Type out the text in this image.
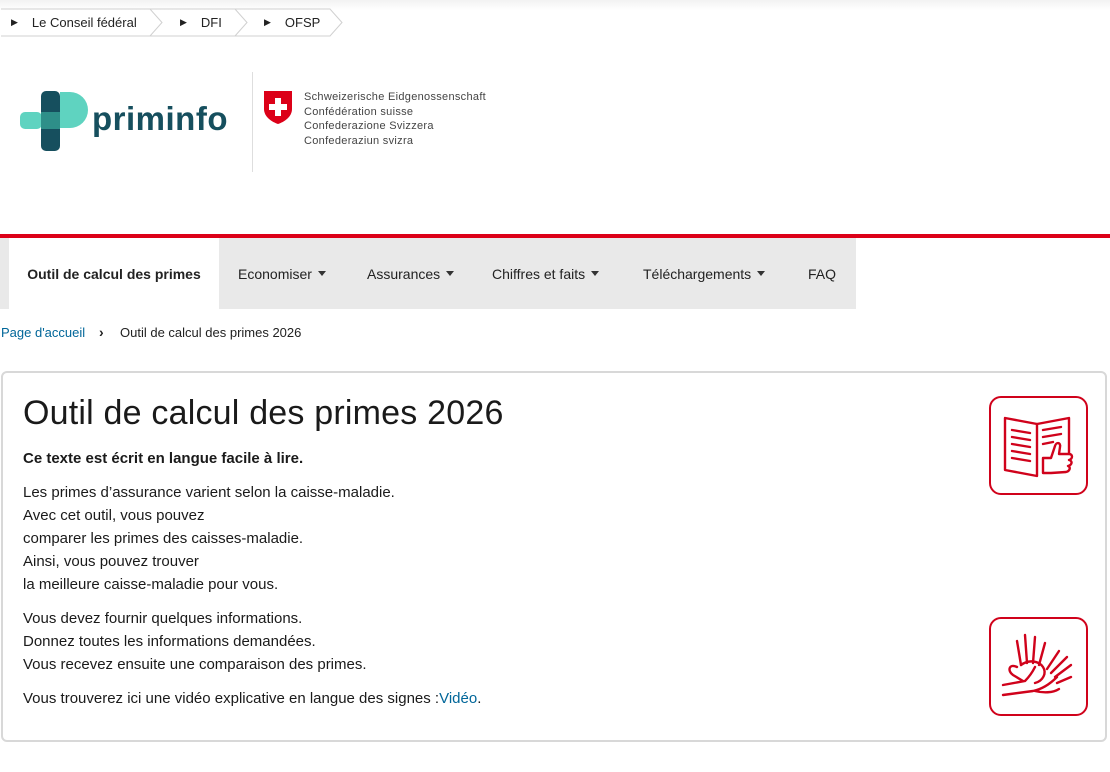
▶ Le Conseil fédéral	▶ DFI	▶ OFSP
priminfo
Schweizerische Eidgenossenschaft
Confédération suisse
Confederazione Svizzera
Confederaziun svizra
Outil de calcul des primes	Economiser	Assurances	Chiffres et faits	Téléchargements	FAQ
Page d'accueil › Outil de calcul des primes 2026
Outil de calcul des primes 2026
Ce texte est écrit en langue facile à lire.
Les primes d’assurance varient selon la caisse-maladie.
Avec cet outil, vous pouvez
comparer les primes des caisses-maladie.
Ainsi, vous pouvez trouver
la meilleure caisse-maladie pour vous.
Vous devez fournir quelques informations.
Donnez toutes les informations demandées.
Vous recevez ensuite une comparaison des primes.
Vous trouverez ici une vidéo explicative en langue des signes :Vidéo.
